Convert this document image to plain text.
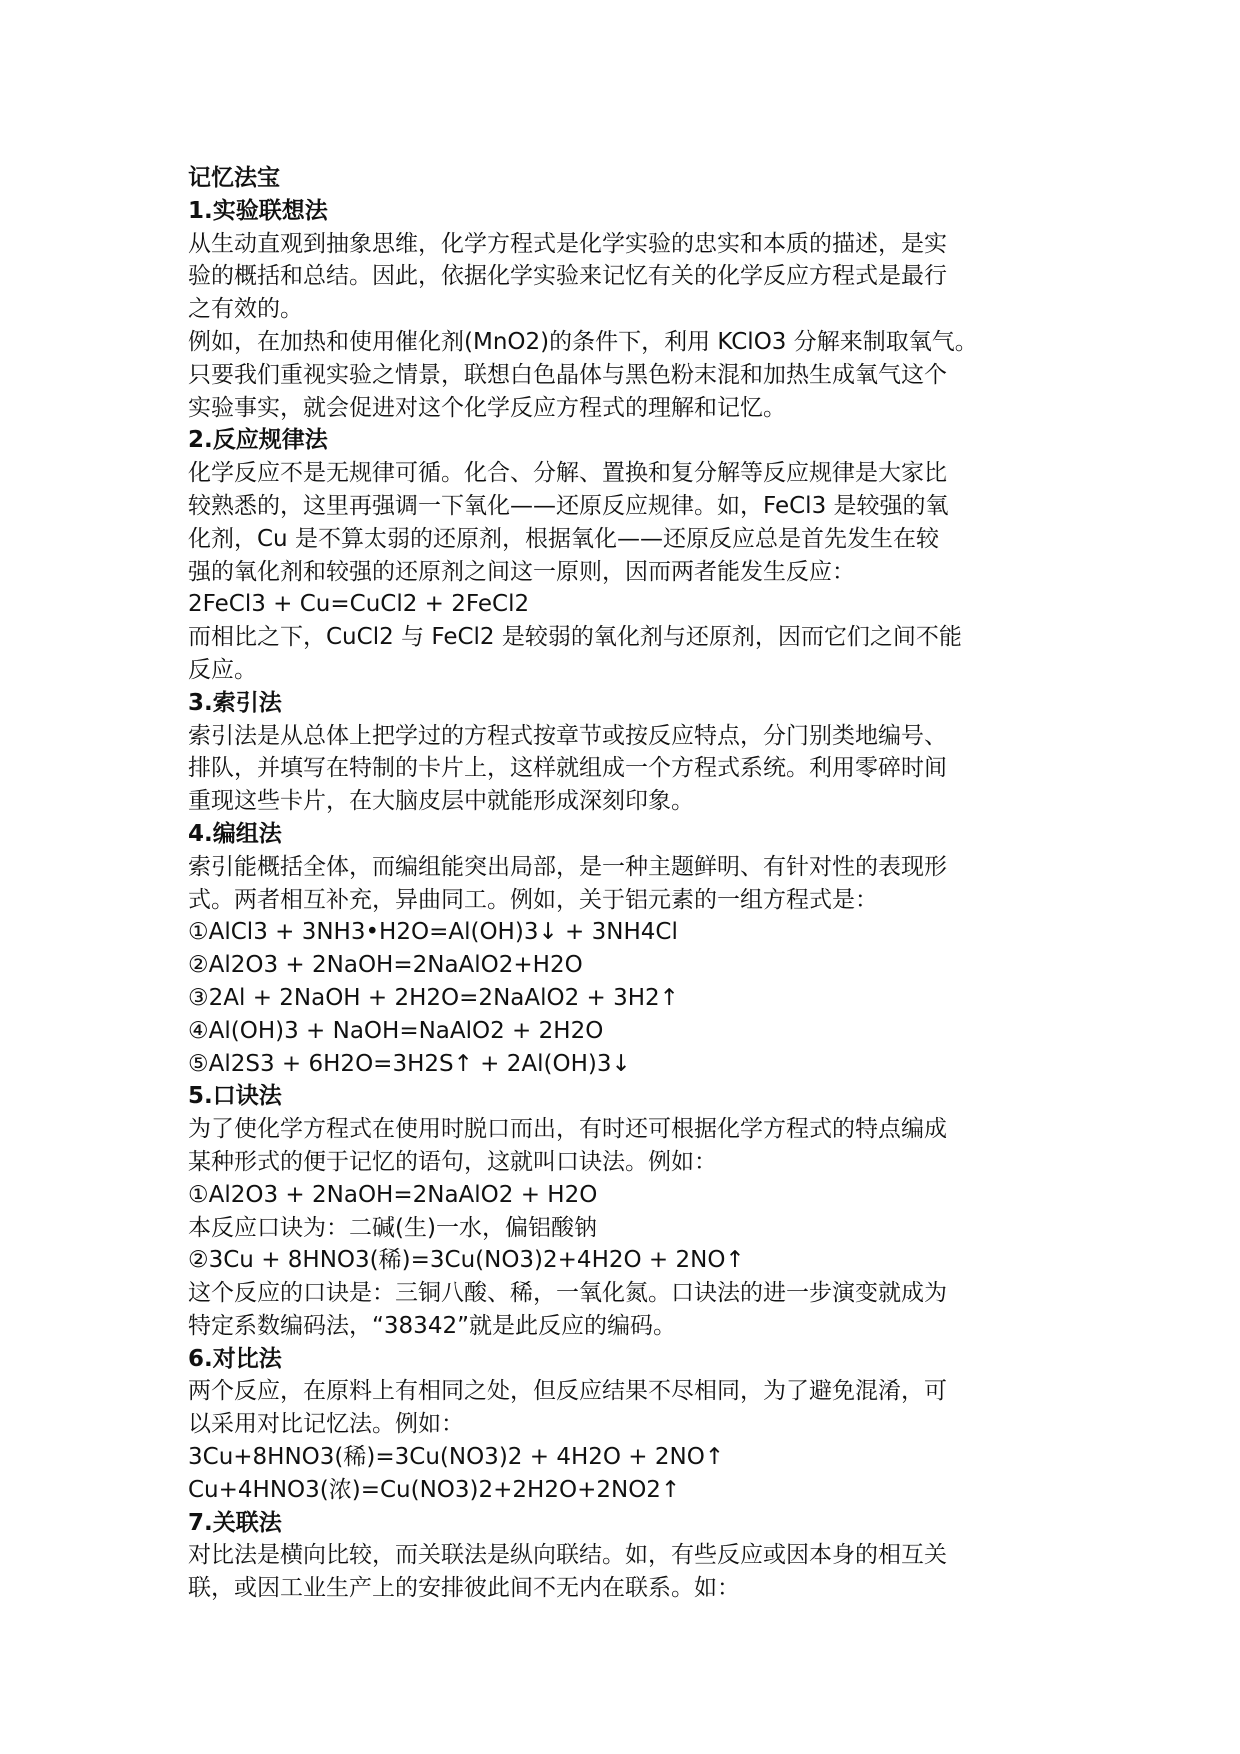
记忆法宝
1.实验联想法
从生动直观到抽象思维，化学方程式是化学实验的忠实和本质的描述，是实
验的概括和总结。因此，依据化学实验来记忆有关的化学反应方程式是最行
之有效的。
例如，在加热和使用催化剂(MnO2)的条件下，利用 KClO3 分解来制取氧气。
只要我们重视实验之情景，联想白色晶体与黑色粉末混和加热生成氧气这个
实验事实，就会促进对这个化学反应方程式的理解和记忆。
2.反应规律法
化学反应不是无规律可循。化合、分解、置换和复分解等反应规律是大家比
较熟悉的，这里再强调一下氧化——还原反应规律。如，FeCl3 是较强的氧
化剂，Cu 是不算太弱的还原剂，根据氧化——还原反应总是首先发生在较
强的氧化剂和较强的还原剂之间这一原则，因而两者能发生反应：
2FeCl3 + Cu=CuCl2 + 2FeCl2
而相比之下，CuCl2 与 FeCl2 是较弱的氧化剂与还原剂，因而它们之间不能
反应。
3.索引法
索引法是从总体上把学过的方程式按章节或按反应特点，分门别类地编号、
排队，并填写在特制的卡片上，这样就组成一个方程式系统。利用零碎时间
重现这些卡片，在大脑皮层中就能形成深刻印象。
4.编组法
索引能概括全体，而编组能突出局部，是一种主题鲜明、有针对性的表现形
式。两者相互补充，异曲同工。例如，关于铝元素的一组方程式是：
①AlCl3 + 3NH3•H2O=Al(OH)3↓ + 3NH4Cl
②Al2O3 + 2NaOH=2NaAlO2+H2O
③2Al + 2NaOH + 2H2O=2NaAlO2 + 3H2↑
④Al(OH)3 + NaOH=NaAlO2 + 2H2O
⑤Al2S3 + 6H2O=3H2S↑ + 2Al(OH)3↓
5.口诀法
为了使化学方程式在使用时脱口而出，有时还可根据化学方程式的特点编成
某种形式的便于记忆的语句，这就叫口诀法。例如：
①Al2O3 + 2NaOH=2NaAlO2 + H2O
本反应口诀为：二碱(生)一水，偏铝酸钠
②3Cu + 8HNO3(稀)=3Cu(NO3)2+4H2O + 2NO↑
这个反应的口诀是：三铜八酸、稀，一氧化氮。口诀法的进一步演变就成为
特定系数编码法，“38342”就是此反应的编码。
6.对比法
两个反应，在原料上有相同之处，但反应结果不尽相同，为了避免混淆，可
以采用对比记忆法。例如：
3Cu+8HNO3(稀)=3Cu(NO3)2 + 4H2O + 2NO↑
Cu+4HNO3(浓)=Cu(NO3)2+2H2O+2NO2↑
7.关联法
对比法是横向比较，而关联法是纵向联结。如，有些反应或因本身的相互关
联，或因工业生产上的安排彼此间不无内在联系。如：
